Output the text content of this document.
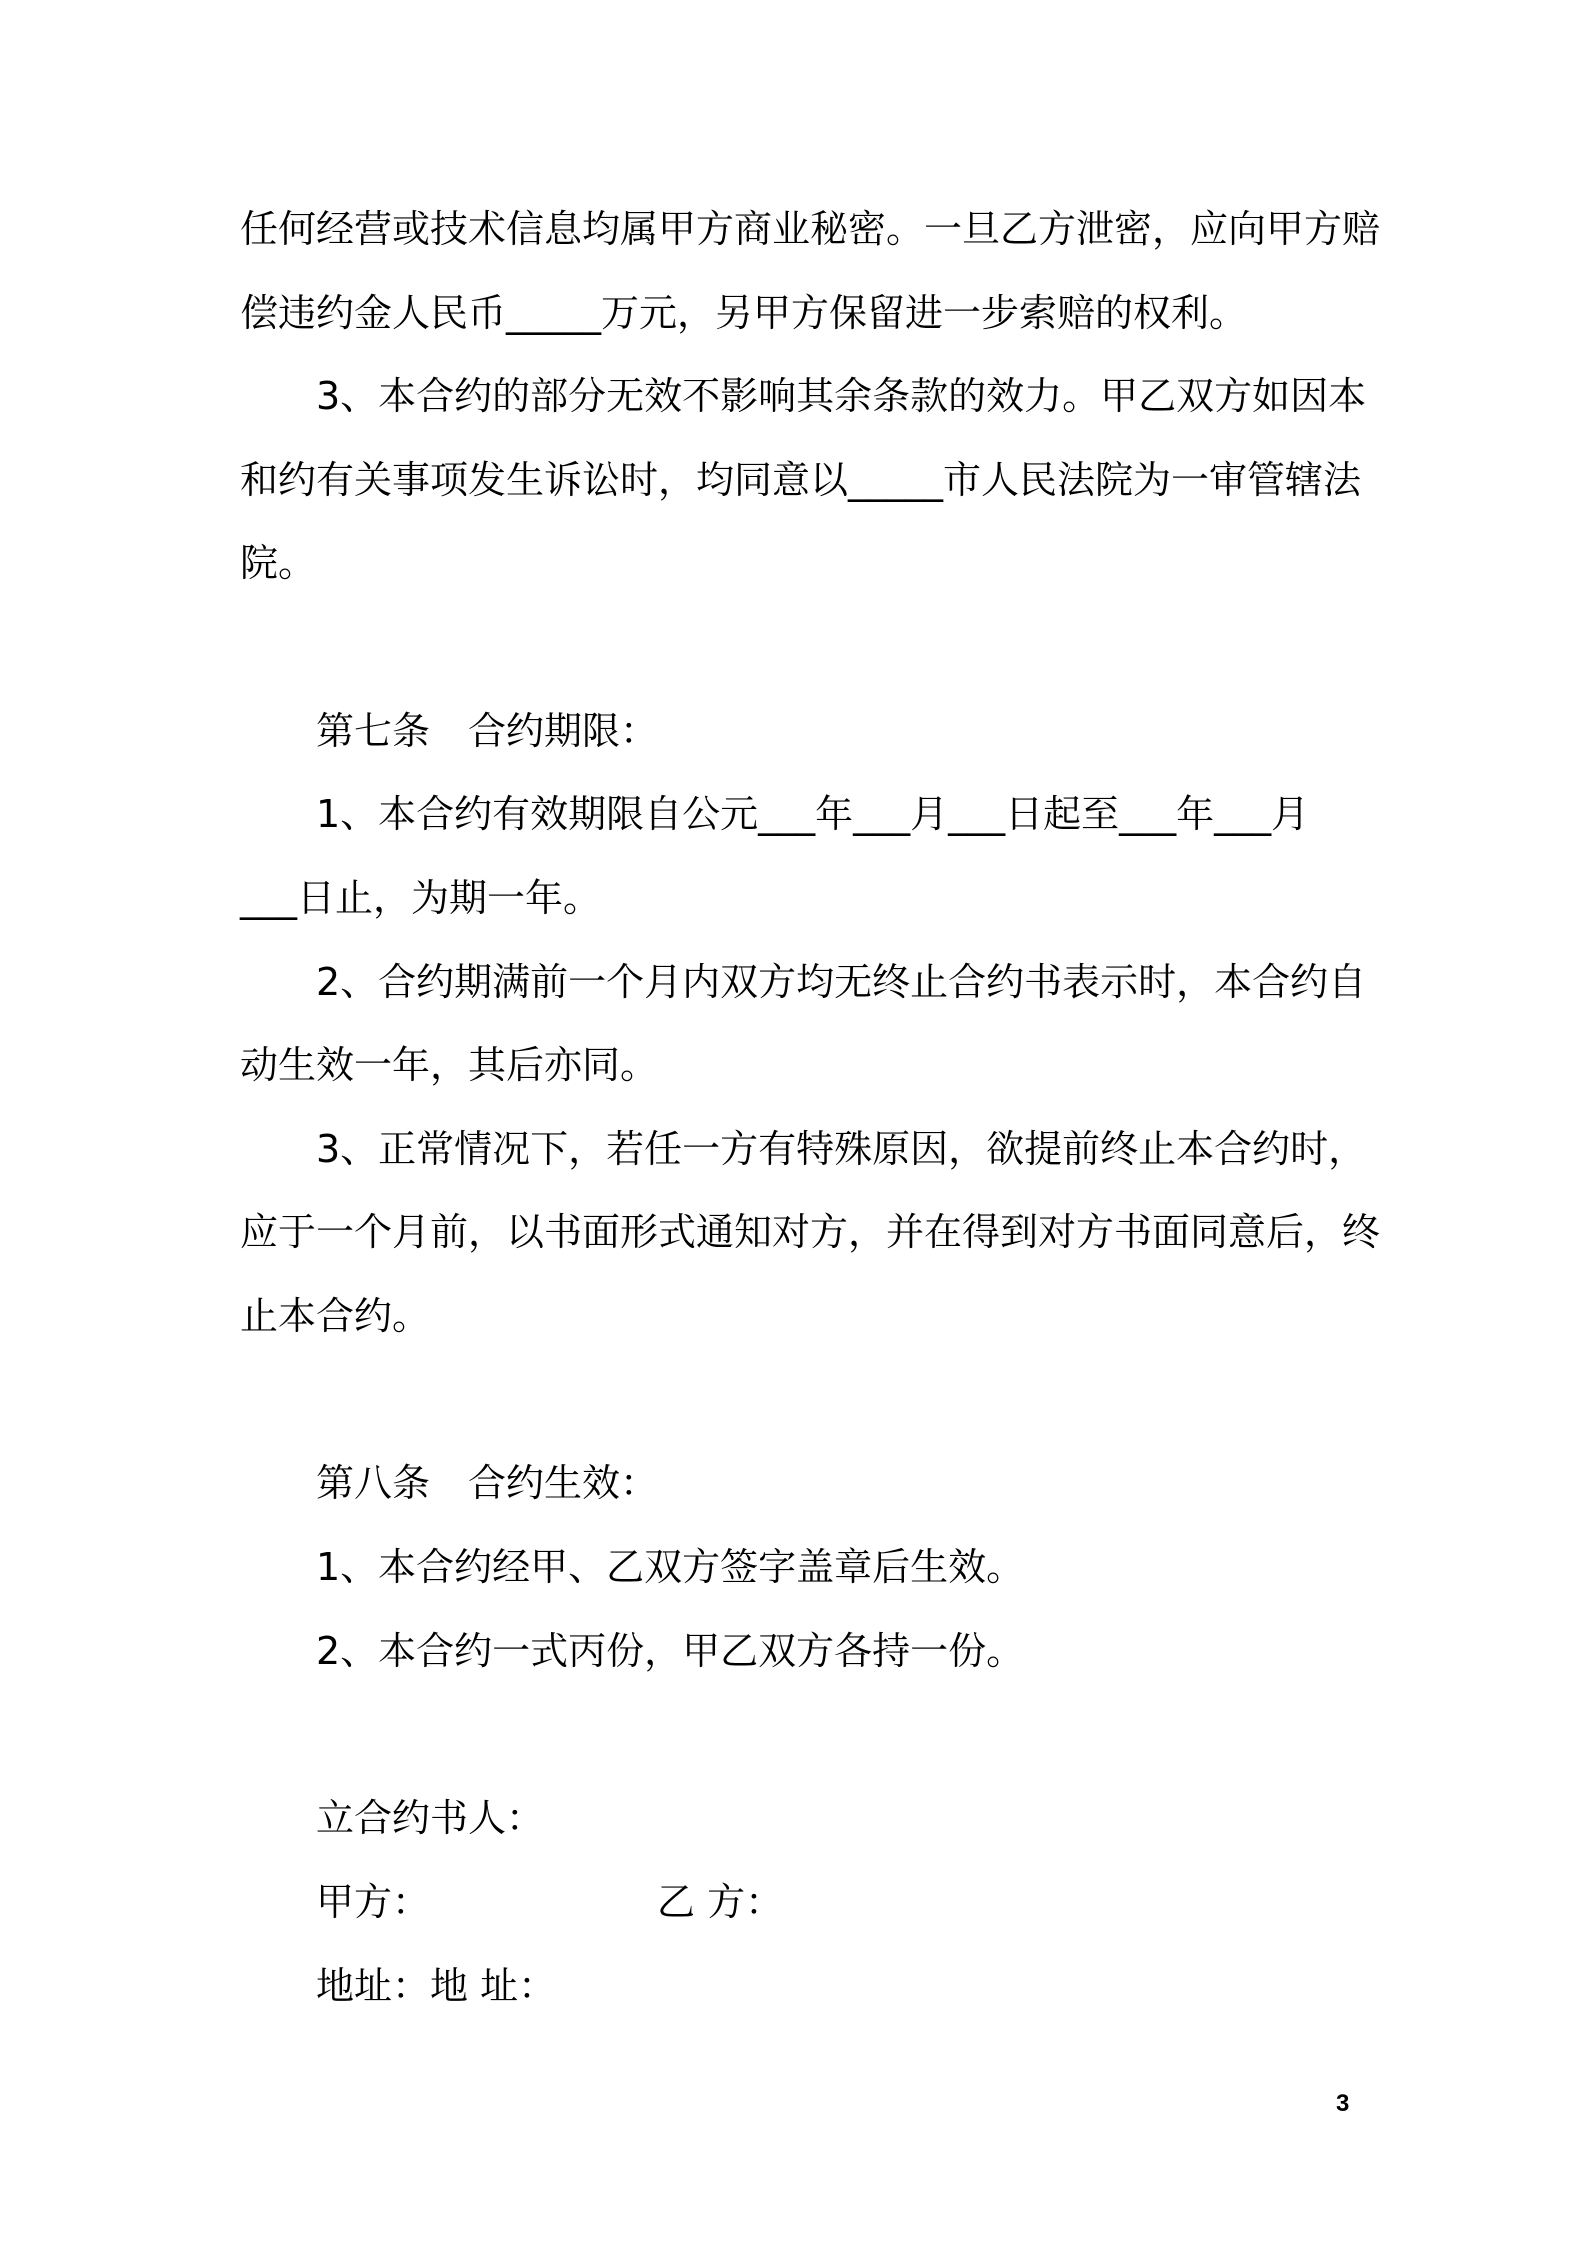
任何经营或技术信息均属甲方商业秘密。一旦乙方泄密，应向甲方赔
偿违约金人民币_____万元，另甲方保留进一步索赔的权利。
3、本合约的部分无效不影响其余条款的效力。甲乙双方如因本
和约有关事项发生诉讼时，均同意以_____市人民法院为一审管辖法
院。
第七条　合约期限：
1、本合约有效期限自公元___年___月___日起至___年___月
___日止，为期一年。
2、合约期满前一个月内双方均无终止合约书表示时，本合约自
动生效一年，其后亦同。
3、正常情况下，若任一方有特殊原因，欲提前终止本合约时，
应于一个月前，以书面形式通知对方，并在得到对方书面同意后，终
止本合约。
第八条　合约生效：
1、本合约经甲、乙双方签字盖章后生效。
2、本合约一式丙份，甲乙双方各持一份。
立合约书人：
甲方：	乙 方：
地址：地 址：
3
